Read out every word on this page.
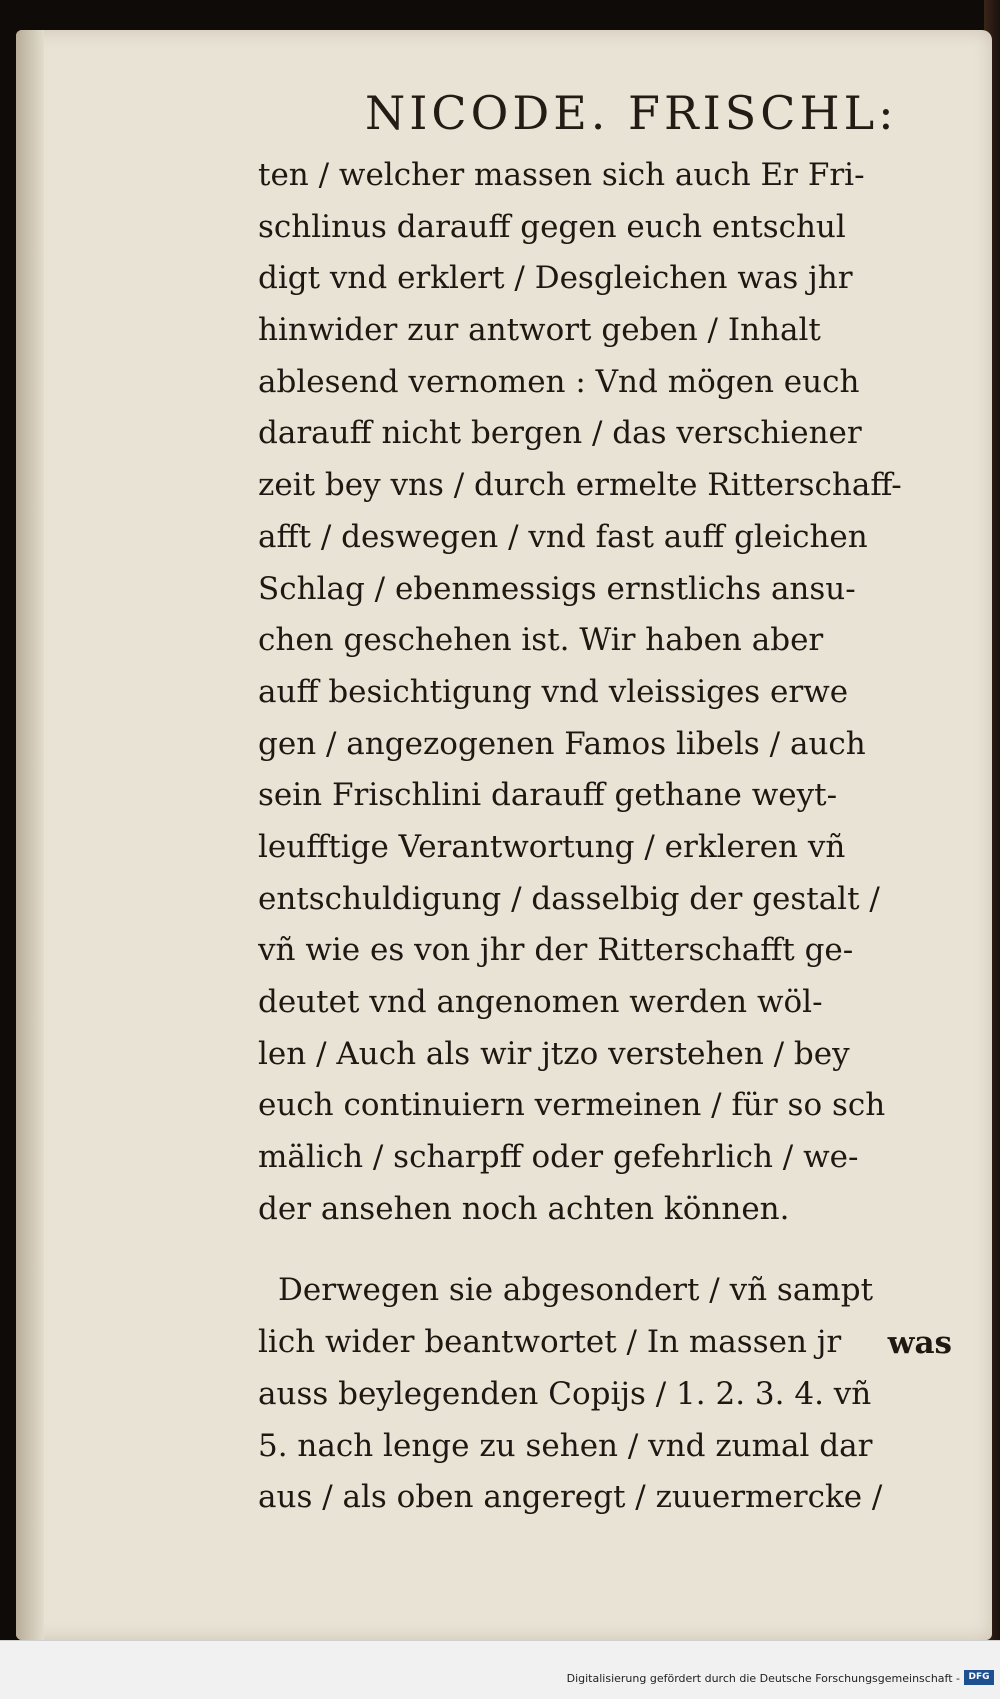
NICODE. FRISCHL:
ten / welcher massen sich auch Er Fri-
schlinus darauff gegen euch entschul
digt vnd erklert / Desgleichen was jhr
hinwider zur antwort geben / Inhalt
ablesend vernomen : Vnd mögen euch
darauff nicht bergen / das verschiener
zeit bey vns / durch ermelte Ritterschaff-
afft / deswegen / vnd fast auff gleichen
Schlag / ebenmessigs ernstlichs ansu-
chen geschehen ist. Wir haben aber
auff besichtigung vnd vleissiges erwe
gen / angezogenen Famos libels / auch
sein Frischlini darauff gethane weyt-
leufftige Verantwortung / erkleren vñ
entschuldigung / dasselbig der gestalt /
vñ wie es von jhr der Ritterschafft ge-
deutet vnd angenomen werden wöl-
len / Auch als wir jtzo verstehen / bey
euch continuiern vermeinen / für so sch
mälich / scharpff oder gefehrlich / we-
der ansehen noch achten können.
Derwegen sie abgesondert / vñ sampt
lich wider beantwortet / In massen jr
auss beylegenden Copijs / 1. 2. 3. 4. vñ
5. nach lenge zu sehen / vnd zumal dar
aus / als oben angeregt / zuuermercke /
was
Digitalisierung gefördert durch die Deutsche Forschungsgemeinschaft - DFG
